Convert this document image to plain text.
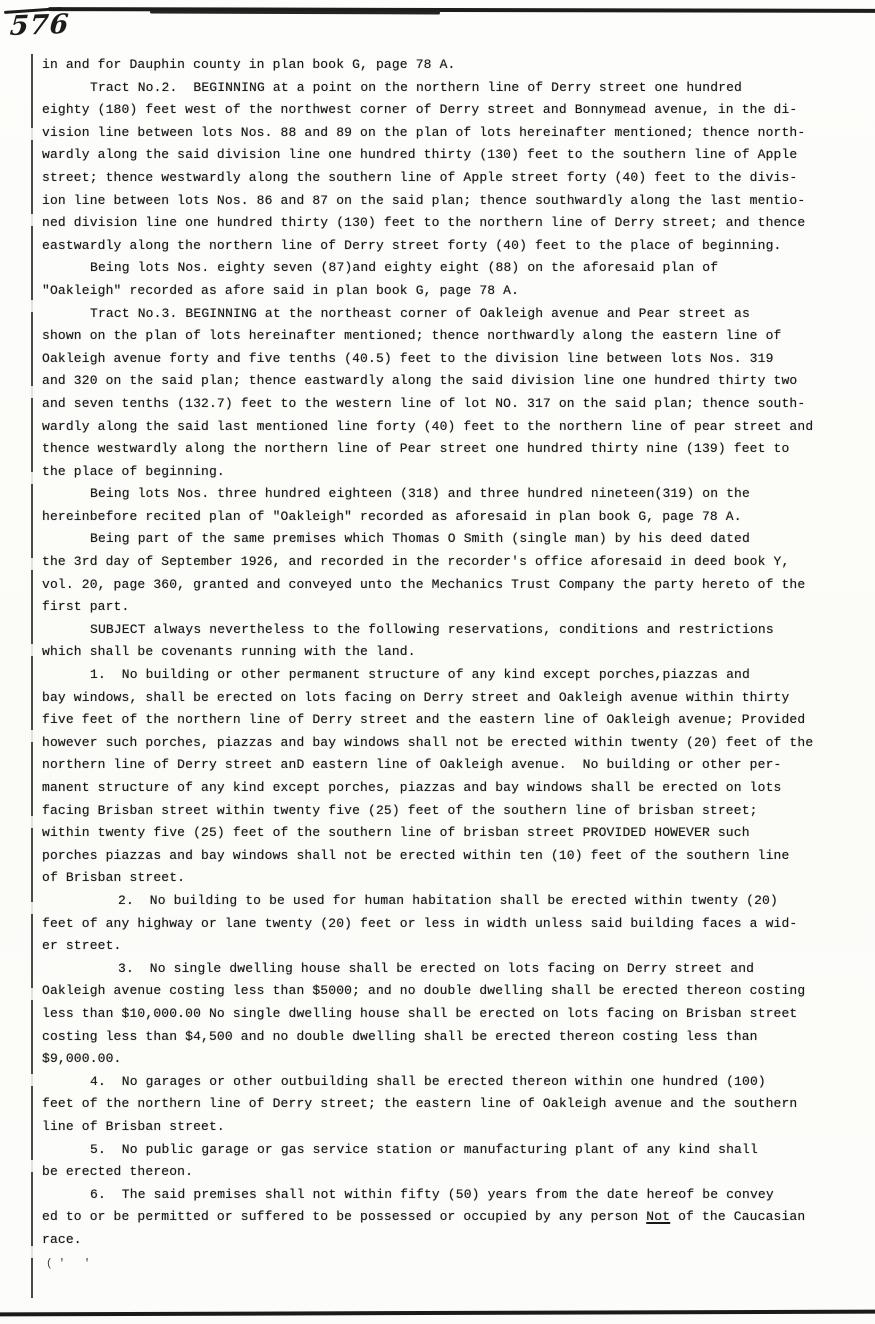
576
in and for Dauphin county in plan book G, page 78 A.
Tract No.2.  BEGINNING at a point on the northern line of Derry street one hundred
eighty (180) feet west of the northwest corner of Derry street and Bonnymead avenue, in the di-
vision line between lots Nos. 88 and 89 on the plan of lots hereinafter mentioned; thence north-
wardly along the said division line one hundred thirty (130) feet to the southern line of Apple
street; thence westwardly along the southern line of Apple street forty (40) feet to the divis-
ion line between lots Nos. 86 and 87 on the said plan; thence southwardly along the last mentio-
ned division line one hundred thirty (130) feet to the northern line of Derry street; and thence
eastwardly along the northern line of Derry street forty (40) feet to the place of beginning.
Being lots Nos. eighty seven (87)and eighty eight (88) on the aforesaid plan of
"Oakleigh" recorded as afore said in plan book G, page 78 A.
Tract No.3. BEGINNING at the northeast corner of Oakleigh avenue and Pear street as
shown on the plan of lots hereinafter mentioned; thence northwardly along the eastern line of
Oakleigh avenue forty and five tenths (40.5) feet to the division line between lots Nos. 319
and 320 on the said plan; thence eastwardly along the said division line one hundred thirty two
and seven tenths (132.7) feet to the western line of lot NO. 317 on the said plan; thence south-
wardly along the said last mentioned line forty (40) feet to the northern line of pear street and
thence westwardly along the northern line of Pear street one hundred thirty nine (139) feet to
the place of beginning.
Being lots Nos. three hundred eighteen (318) and three hundred nineteen(319) on the
hereinbefore recited plan of "Oakleigh" recorded as aforesaid in plan book G, page 78 A.
Being part of the same premises which Thomas O Smith (single man) by his deed dated
the 3rd day of September 1926, and recorded in the recorder's office aforesaid in deed book Y,
vol. 20, page 360, granted and conveyed unto the Mechanics Trust Company the party hereto of the
first part.
SUBJECT always nevertheless to the following reservations, conditions and restrictions
which shall be covenants running with the land.
1.  No building or other permanent structure of any kind except porches,piazzas and
bay windows, shall be erected on lots facing on Derry street and Oakleigh avenue within thirty
five feet of the northern line of Derry street and the eastern line of Oakleigh avenue; Provided
however such porches, piazzas and bay windows shall not be erected within twenty (20) feet of the
northern line of Derry street anD eastern line of Oakleigh avenue.  No building or other per-
manent structure of any kind except porches, piazzas and bay windows shall be erected on lots
facing Brisban street within twenty five (25) feet of the southern line of brisban street;
within twenty five (25) feet of the southern line of brisban street PROVIDED HOWEVER such
porches piazzas and bay windows shall not be erected within ten (10) feet of the southern line
of Brisban street.
2.  No building to be used for human habitation shall be erected within twenty (20)
feet of any highway or lane twenty (20) feet or less in width unless said building faces a wid-
er street.
3.  No single dwelling house shall be erected on lots facing on Derry street and
Oakleigh avenue costing less than $5000; and no double dwelling shall be erected thereon costing
less than $10,000.00 No single dwelling house shall be erected on lots facing on Brisban street
costing less than $4,500 and no double dwelling shall be erected thereon costing less than
$9,000.00.
4.  No garages or other outbuilding shall be erected thereon within one hundred (100)
feet of the northern line of Derry street; the eastern line of Oakleigh avenue and the southern
line of Brisban street.
5.  No public garage or gas service station or manufacturing plant of any kind shall
be erected thereon.
6.  The said premises shall not within fifty (50) years from the date hereof be convey
ed to or be permitted or suffered to be possessed or occupied by any person Not of the Caucasian
race.
(' '
